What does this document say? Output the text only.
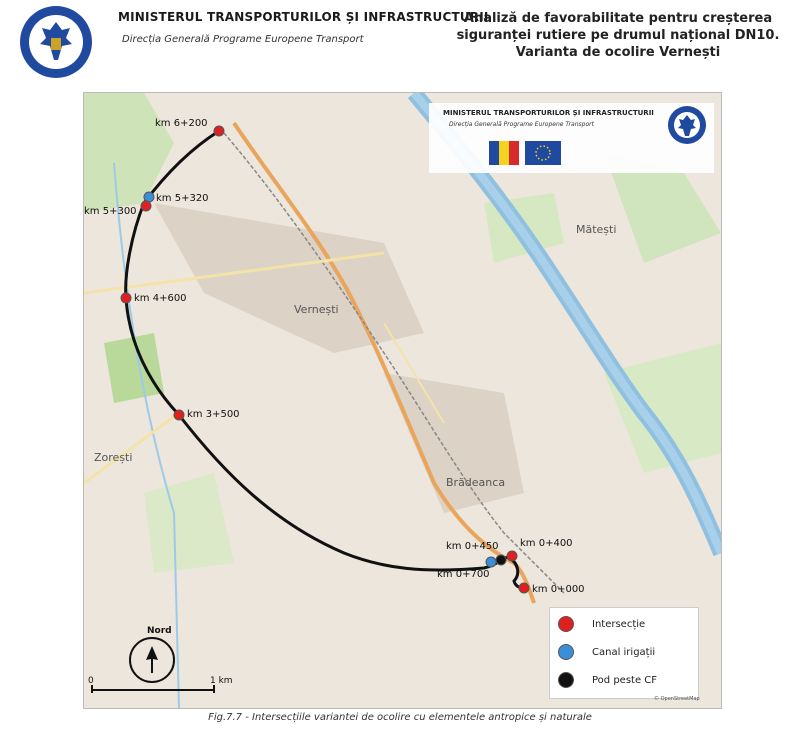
MINISTERUL TRANSPORTURILOR ȘI INFRASTRUCTURII
Direcția Generală Programe Europene Transport
Analiză de favorabilitate pentru creșterea
siguranței rutiere pe drumul național DN10.
Varianta de ocolire Vernești
MINISTERUL TRANSPORTURILOR ȘI INFRASTRUCTURII
Direcția Generală Programe Europene Transport
Mătești
Vernești
Zorești
Brădeanca
km 6+200
km 5+320
km 5+300
km 4+600
km 3+500
km 0+450 km 0+400
km 0+700
km 0+000
Nord
0	1 km
Intersecție
Canal irigații
Pod peste CF
© OpenStreetMap
Fig.7.7 - Intersecțiile variantei de ocolire cu elementele antropice și naturale
